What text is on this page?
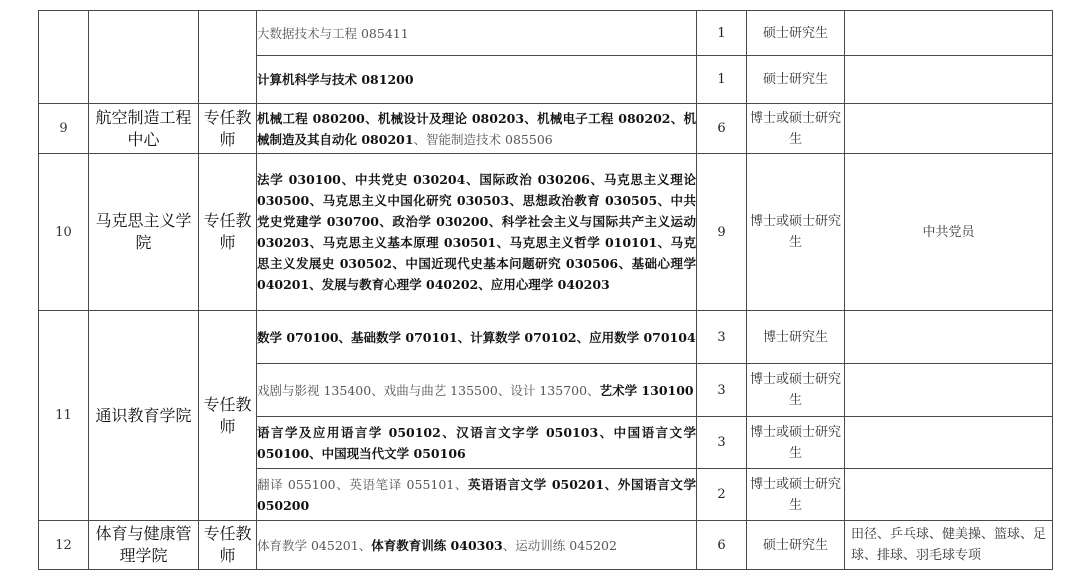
			大数据技术与工程 085411	1	硕士研究生	
			计算机科学与技术 081200	1	硕士研究生	
9	航空制造工程中心	专任教师	机械工程 080200、机械设计及理论 080203、机械电子工程 080202、机械制造及其自动化 080201、智能制造技术 085506	6	博士或硕士研究生	
10	马克思主义学院	专任教师	法学 030100、中共党史 030204、国际政治 030206、马克思主义理论 030500、马克思主义中国化研究 030503、思想政治教育 030505、中共党史党建学 030700、政治学 030200、科学社会主义与国际共产主义运动 030203、马克思主义基本原理 030501、马克思主义哲学 010101、马克思主义发展史 030502、中国近现代史基本问题研究 030506、基础心理学 040201、发展与教育心理学 040202、应用心理学 040203	9	博士或硕士研究生	中共党员
11	通识教育学院	专任教师	数学 070100、基础数学 070101、计算数学 070102、应用数学 070104	3	博士研究生	
			戏剧与影视 135400、戏曲与曲艺 135500、设计 135700、艺术学 130100	3	博士或硕士研究生	
			语言学及应用语言学 050102、汉语言文字学 050103、中国语言文学 050100、中国现当代文学 050106	3	博士或硕士研究生	
			翻译 055100、英语笔译 055101、英语语言文学 050201、外国语言文学 050200	2	博士或硕士研究生	
12	体育与健康管理学院	专任教师	体育教学 045201、体育教育训练 040303、运动训练 045202	6	硕士研究生	田径、乒乓球、健美操、篮球、足球、排球、羽毛球专项
